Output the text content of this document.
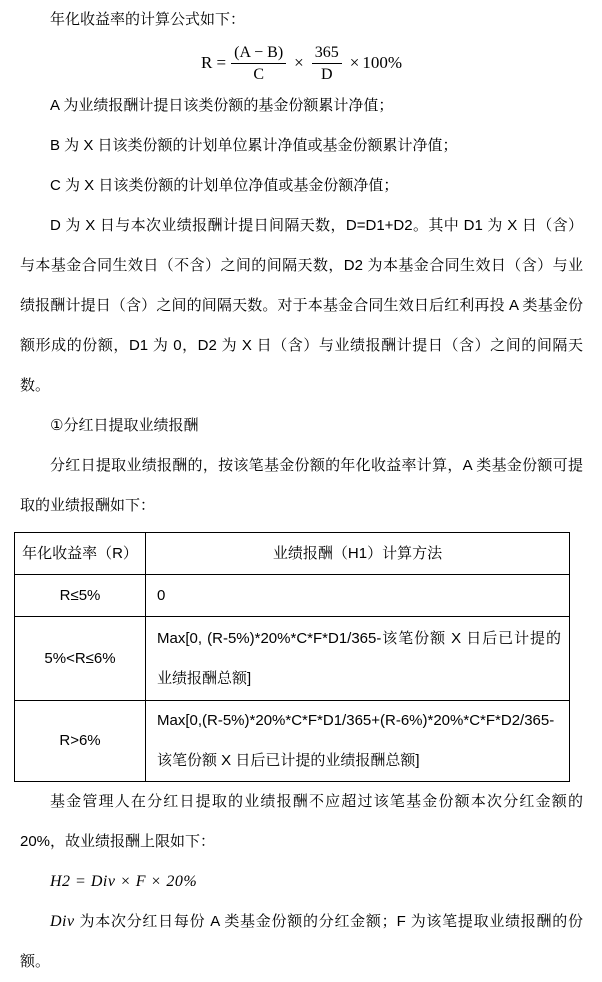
年化收益率的计算公式如下：

$R = \frac{(A - B)}{C} \times \frac{365}{D} \times 100\%$

A 为业绩报酬计提日该类份额的基金份额累计净值；

B 为 X 日该类份额的计划单位累计净值或基金份额累计净值；

C 为 X 日该类份额的计划单位净值或基金份额净值；

D 为 X 日与本次业绩报酬计提日间隔天数，D=D1+D2。其中 D1 为 X 日（含）与本基金合同生效日（不含）之间的间隔天数，D2 为本基金合同生效日（含）与业绩报酬计提日（含）之间的间隔天数。对于本基金合同生效日后红利再投 A 类基金份额形成的份额，D1 为 0，D2 为 X 日（含）与业绩报酬计提日（含）之间的间隔天数。

①分红日提取业绩报酬

分红日提取业绩报酬的，按该笔基金份额的年化收益率计算，A 类基金份额可提取的业绩报酬如下：

年化收益率（R）	业绩报酬（H1）计算方法
R≤5%	0
5%<R≤6%	Max[0, (R-5%)*20%*C*F*D1/365-该笔份额 X 日后已计提的业绩报酬总额]
R>6%	Max[0,(R-5%)*20%*C*F*D1/365+(R-6%)*20%*C*F*D2/365-该笔份额 X 日后已计提的业绩报酬总额]

基金管理人在分红日提取的业绩报酬不应超过该笔基金份额本次分红金额的 20%，故业绩报酬上限如下：

H2 = Div × F × 20%

Div 为本次分红日每份 A 类基金份额的分红金额；F 为该笔提取业绩报酬的份额。
